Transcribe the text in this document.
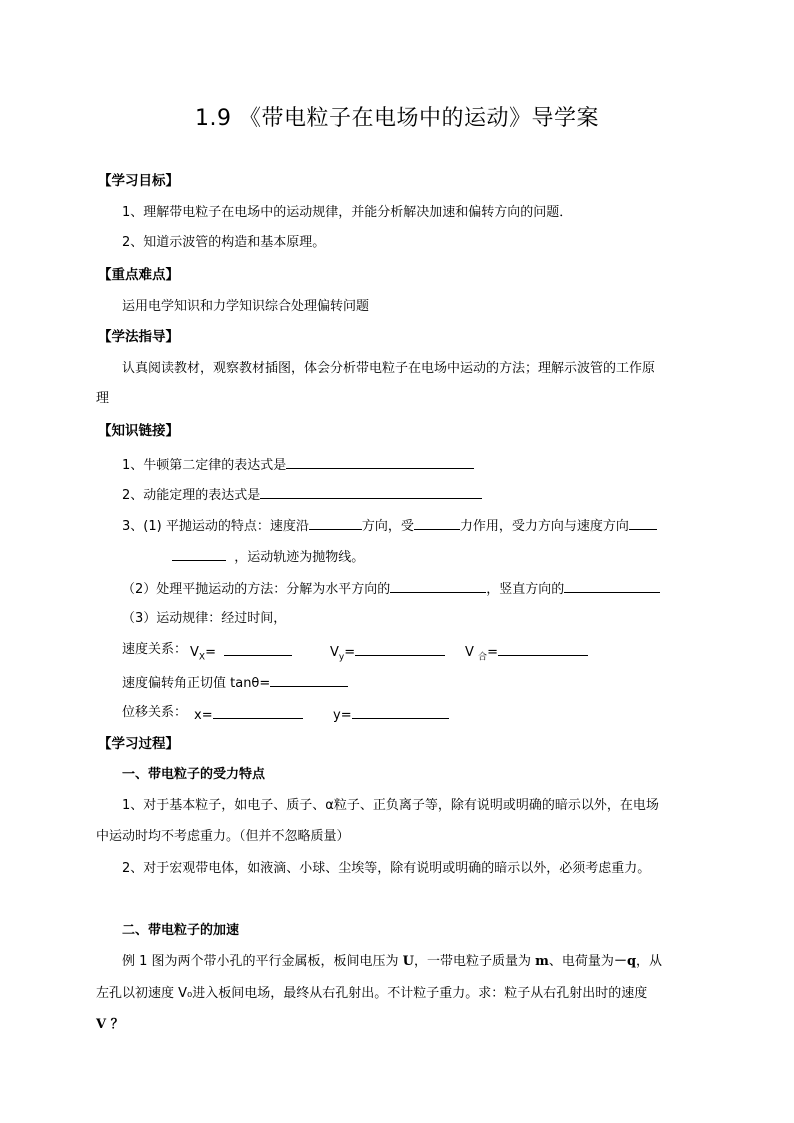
1.9 《带电粒子在电场中的运动》导学案
【学习目标】
1、理解带电粒子在电场中的运动规律，并能分析解决加速和偏转方向的问题．
2、知道示波管的构造和基本原理。
【重点难点】
运用电学知识和力学知识综合处理偏转问题
【学法指导】
认真阅读教材，观察教材插图，体会分析带电粒子在电场中运动的方法；理解示波管的工作原
理
【知识链接】
1、牛顿第二定律的表达式是
2、动能定理的表达式是
3、(1) 平抛运动的特点：速度沿	方向，受	力作用，受力方向与速度方向
，运动轨迹为抛物线。
（2）处理平抛运动的方法：分解为水平方向的	，竖直方向的
（3）运动规律：经过时间，
速度关系： $V_X=$	$V_y=$	V $_合$=
速度偏转角正切值 tanθ=
位移关系： x=	y=
【学习过程】
一、带电粒子的受力特点
1、对于基本粒子，如电子、质子、α粒子、正负离子等，除有说明或明确的暗示以外，在电场
中运动时均不考虑重力。（但并不忽略质量）
2、对于宏观带电体，如液滴、小球、尘埃等，除有说明或明确的暗示以外，必须考虑重力。
二、带电粒子的加速
例 1 图为两个带小孔的平行金属板，板间电压为 U，一带电粒子质量为 m、电荷量为－q，从
左孔以初速度 V₀进入板间电场，最终从右孔射出。不计粒子重力。求：粒子从右孔射出时的速度
V ？
